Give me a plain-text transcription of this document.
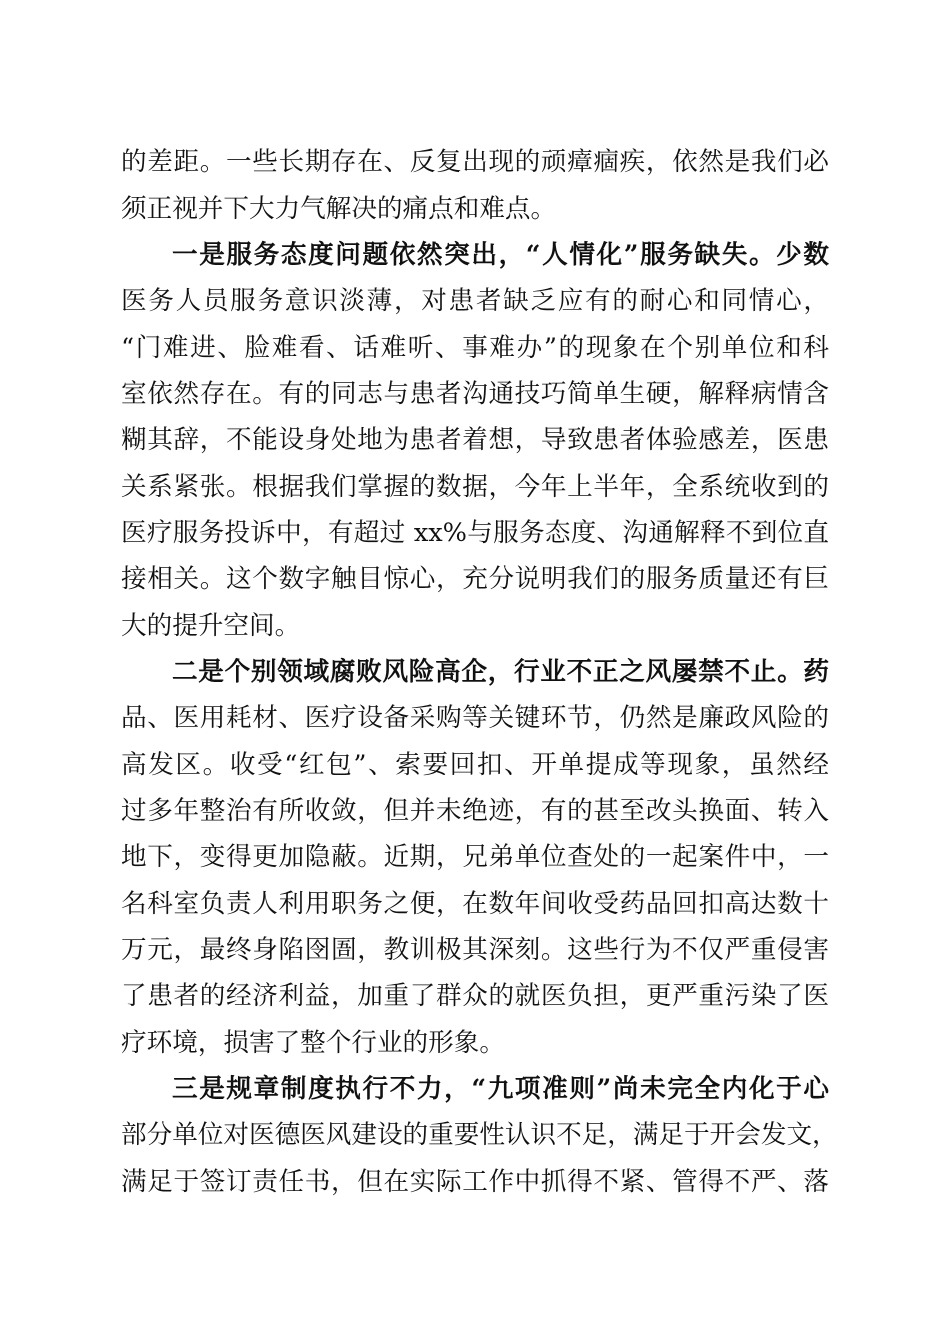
的差距。一些长期存在、反复出现的顽瘴痼疾，依然是我们必
须正视并下大力气解决的痛点和难点。
一是服务态度问题依然突出，“人情化”服务缺失。少数
医务人员服务意识淡薄，对患者缺乏应有的耐心和同情心，
“门难进、脸难看、话难听、事难办”的现象在个别单位和科
室依然存在。有的同志与患者沟通技巧简单生硬，解释病情含
糊其辞，不能设身处地为患者着想，导致患者体验感差，医患
关系紧张。根据我们掌握的数据，今年上半年，全系统收到的
医疗服务投诉中，有超过 xx%与服务态度、沟通解释不到位直
接相关。这个数字触目惊心，充分说明我们的服务质量还有巨
大的提升空间。
二是个别领域腐败风险高企，行业不正之风屡禁不止。药
品、医用耗材、医疗设备采购等关键环节，仍然是廉政风险的
高发区。收受“红包”、索要回扣、开单提成等现象，虽然经
过多年整治有所收敛，但并未绝迹，有的甚至改头换面、转入
地下，变得更加隐蔽。近期，兄弟单位查处的一起案件中，一
名科室负责人利用职务之便，在数年间收受药品回扣高达数十
万元，最终身陷囹圄，教训极其深刻。这些行为不仅严重侵害
了患者的经济利益，加重了群众的就医负担，更严重污染了医
疗环境，损害了整个行业的形象。
三是规章制度执行不力，“九项准则”尚未完全内化于心
部分单位对医德医风建设的重要性认识不足，满足于开会发文，
满足于签订责任书，但在实际工作中抓得不紧、管得不严、落
